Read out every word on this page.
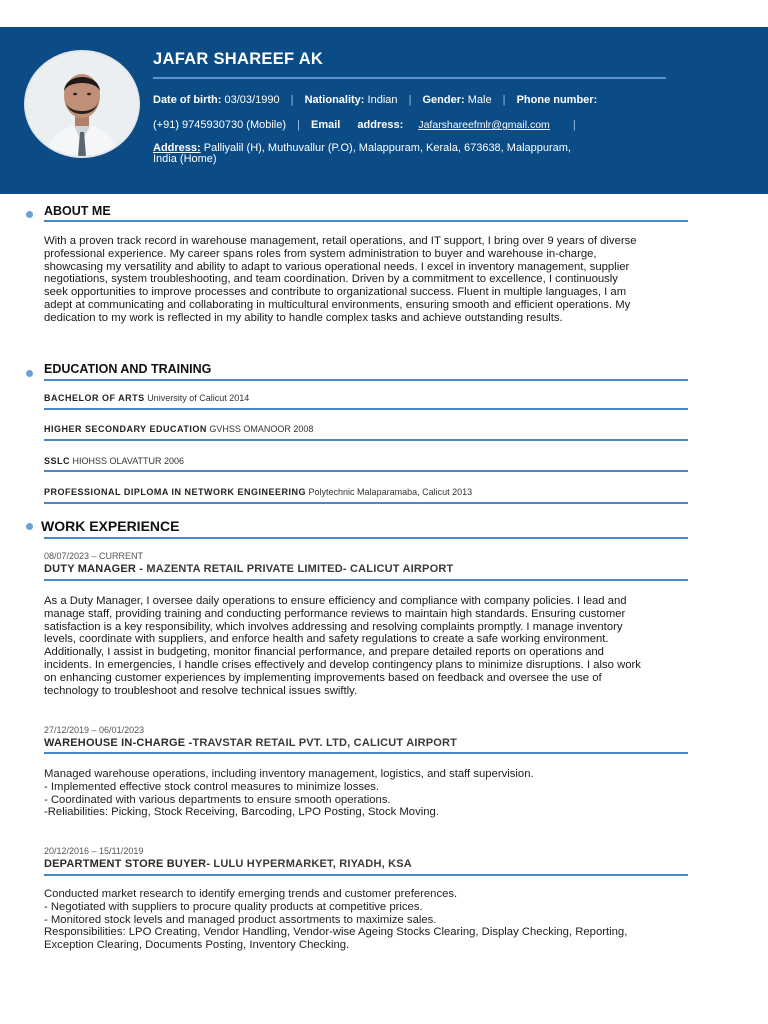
JAFAR SHAREEF AK
Date of birth: 03/03/1990 | Nationality: Indian | Gender: Male | Phone number:
(+91) 9745930730 (Mobile) | Email address: Jafarshareefmlr@gmail.com |
Address: Palliyalil (H), Muthuvallur (P.O), Malappuram, Kerala, 673638, Malappuram,
India (Home)
ABOUT ME
With a proven track record in warehouse management, retail operations, and IT support, I bring over 9 years of diverse
professional experience. My career spans roles from system administration to buyer and warehouse in-charge,
showcasing my versatility and ability to adapt to various operational needs. I excel in inventory management, supplier
negotiations, system troubleshooting, and team coordination. Driven by a commitment to excellence, I continuously
seek opportunities to improve processes and contribute to organizational success. Fluent in multiple languages, I am
adept at communicating and collaborating in multicultural environments, ensuring smooth and efficient operations. My
dedication to my work is reflected in my ability to handle complex tasks and achieve outstanding results.
EDUCATION AND TRAINING
BACHELOR OF ARTS University of Calicut 2014
HIGHER SECONDARY EDUCATION GVHSS OMANOOR 2008
SSLC HIOHSS OLAVATTUR 2006
PROFESSIONAL DIPLOMA IN NETWORK ENGINEERING Polytechnic Malaparamaba, Calicut 2013
WORK EXPERIENCE
08/07/2023 – CURRENT
DUTY MANAGER - MAZENTA RETAIL PRIVATE LIMITED- CALICUT AIRPORT
As a Duty Manager, I oversee daily operations to ensure efficiency and compliance with company policies. I lead and
manage staff, providing training and conducting performance reviews to maintain high standards. Ensuring customer
satisfaction is a key responsibility, which involves addressing and resolving complaints promptly. I manage inventory
levels, coordinate with suppliers, and enforce health and safety regulations to create a safe working environment.
Additionally, I assist in budgeting, monitor financial performance, and prepare detailed reports on operations and
incidents. In emergencies, I handle crises effectively and develop contingency plans to minimize disruptions. I also work
on enhancing customer experiences by implementing improvements based on feedback and oversee the use of
technology to troubleshoot and resolve technical issues swiftly.
27/12/2019 – 06/01/2023
WAREHOUSE IN-CHARGE -TRAVSTAR RETAIL PVT. LTD, CALICUT AIRPORT
Managed warehouse operations, including inventory management, logistics, and staff supervision.
- Implemented effective stock control measures to minimize losses.
- Coordinated with various departments to ensure smooth operations.
-Reliabilities: Picking, Stock Receiving, Barcoding, LPO Posting, Stock Moving.
20/12/2016 – 15/11/2019
DEPARTMENT STORE BUYER- LULU HYPERMARKET, RIYADH, KSA
Conducted market research to identify emerging trends and customer preferences.
- Negotiated with suppliers to procure quality products at competitive prices.
- Monitored stock levels and managed product assortments to maximize sales.
Responsibilities: LPO Creating, Vendor Handling, Vendor-wise Ageing Stocks Clearing, Display Checking, Reporting,
Exception Clearing, Documents Posting, Inventory Checking.
